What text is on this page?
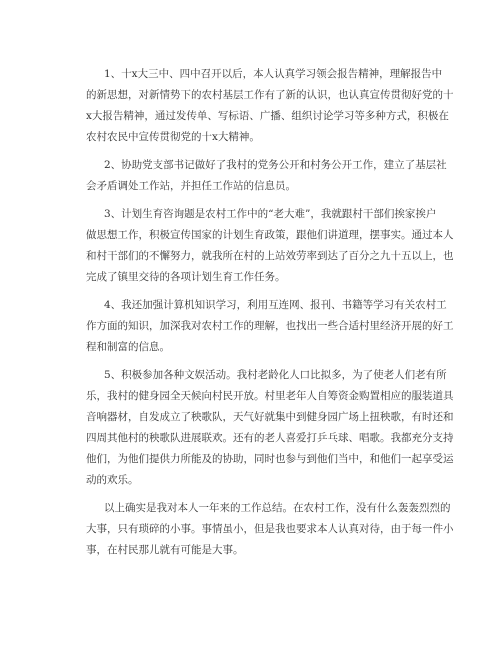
1、十x大三中、四中召开以后，本人认真学习领会报告精神，理解报告中
的新思想，对新情势下的农村基层工作有了新的认识，也认真宣传贯彻好党的十
x大报告精神，通过发传单、写标语、广播、组织讨论学习等多种方式，积极在
农村农民中宣传贯彻党的十x大精神。

2、协助党支部书记做好了我村的党务公开和村务公开工作，建立了基层社
会矛盾调处工作站，并担任工作站的信息员。

3、计划生育咨询题是农村工作中的“老大难”，我就跟村干部们挨家挨户
做思想工作，积极宣传国家的计划生育政策，跟他们讲道理，摆事实。通过本人
和村干部们的不懈努力，就我所在村的上站效劳率到达了百分之九十五以上，也
完成了镇里交待的各项计划生育工作任务。

4、我还加强计算机知识学习，利用互连网、报刊、书籍等学习有关农村工
作方面的知识，加深我对农村工作的理解，也找出一些合适村里经济开展的好工
程和制富的信息。

5、积极参加各种文娱活动。我村老龄化人口比拟多，为了使老人们老有所
乐，我村的健身园全天候向村民开放。村里老年人自筹资金购置相应的服装道具
音响器材，自发成立了秧歌队，天气好就集中到健身园广场上扭秧歌，有时还和
四周其他村的秧歌队进展联欢。还有的老人喜爱打乒乓球、唱歌。我都充分支持
他们，为他们提供力所能及的协助，同时也参与到他们当中，和他们一起享受运
动的欢乐。

以上确实是我对本人一年来的工作总结。在农村工作，没有什么轰轰烈烈的
大事，只有琐碎的小事。事情虽小，但是我也要求本人认真对待，由于每一件小
事，在村民那儿就有可能是大事。
